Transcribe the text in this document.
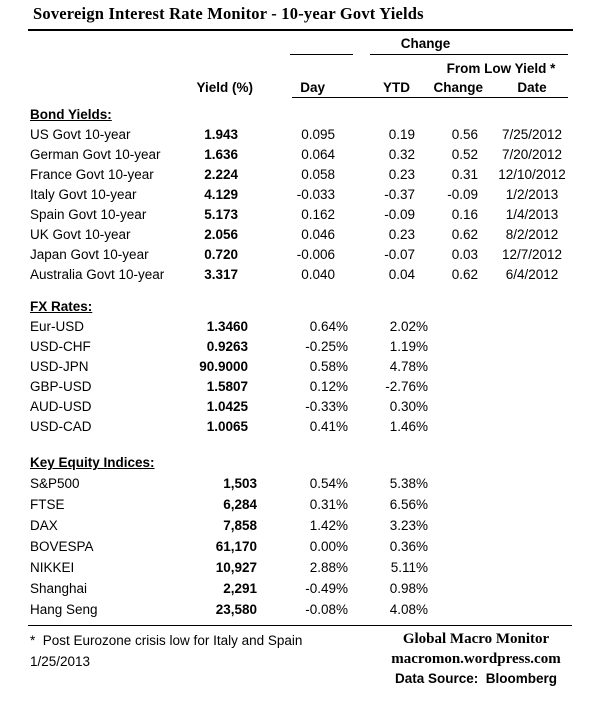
Sovereign Interest Rate Monitor - 10-year Govt Yields
Change
From Low Yield *
Yield (%)	Day	YTD	Change	Date
Bond Yields:
US Govt 10-year	1.943	0.095	0.19	0.56	7/25/2012
German Govt 10-year	1.636	0.064	0.32	0.52	7/20/2012
France Govt 10-year	2.224	0.058	0.23	0.31	12/10/2012
Italy Govt 10-year	4.129	-0.033	-0.37	-0.09	1/2/2013
Spain Govt 10-year	5.173	0.162	-0.09	0.16	1/4/2013
UK Govt 10-year	2.056	0.046	0.23	0.62	8/2/2012
Japan Govt 10-year	0.720	-0.006	-0.07	0.03	12/7/2012
Australia Govt 10-year	3.317	0.040	0.04	0.62	6/4/2012
FX Rates:
Eur-USD	1.3460	0.64%	2.02%
USD-CHF	0.9263	-0.25%	1.19%
USD-JPN	90.9000	0.58%	4.78%
GBP-USD	1.5807	0.12%	-2.76%
AUD-USD	1.0425	-0.33%	0.30%
USD-CAD	1.0065	0.41%	1.46%
Key Equity Indices:
S&P500	1,503	0.54%	5.38%
FTSE	6,284	0.31%	6.56%
DAX	7,858	1.42%	3.23%
BOVESPA	61,170	0.00%	0.36%
NIKKEI	10,927	2.88%	5.11%
Shanghai	2,291	-0.49%	0.98%
Hang Seng	23,580	-0.08%	4.08%
*  Post Eurozone crisis low for Italy and Spain
1/25/2013
Global Macro Monitor
macromon.wordpress.com
Data Source:  Bloomberg
